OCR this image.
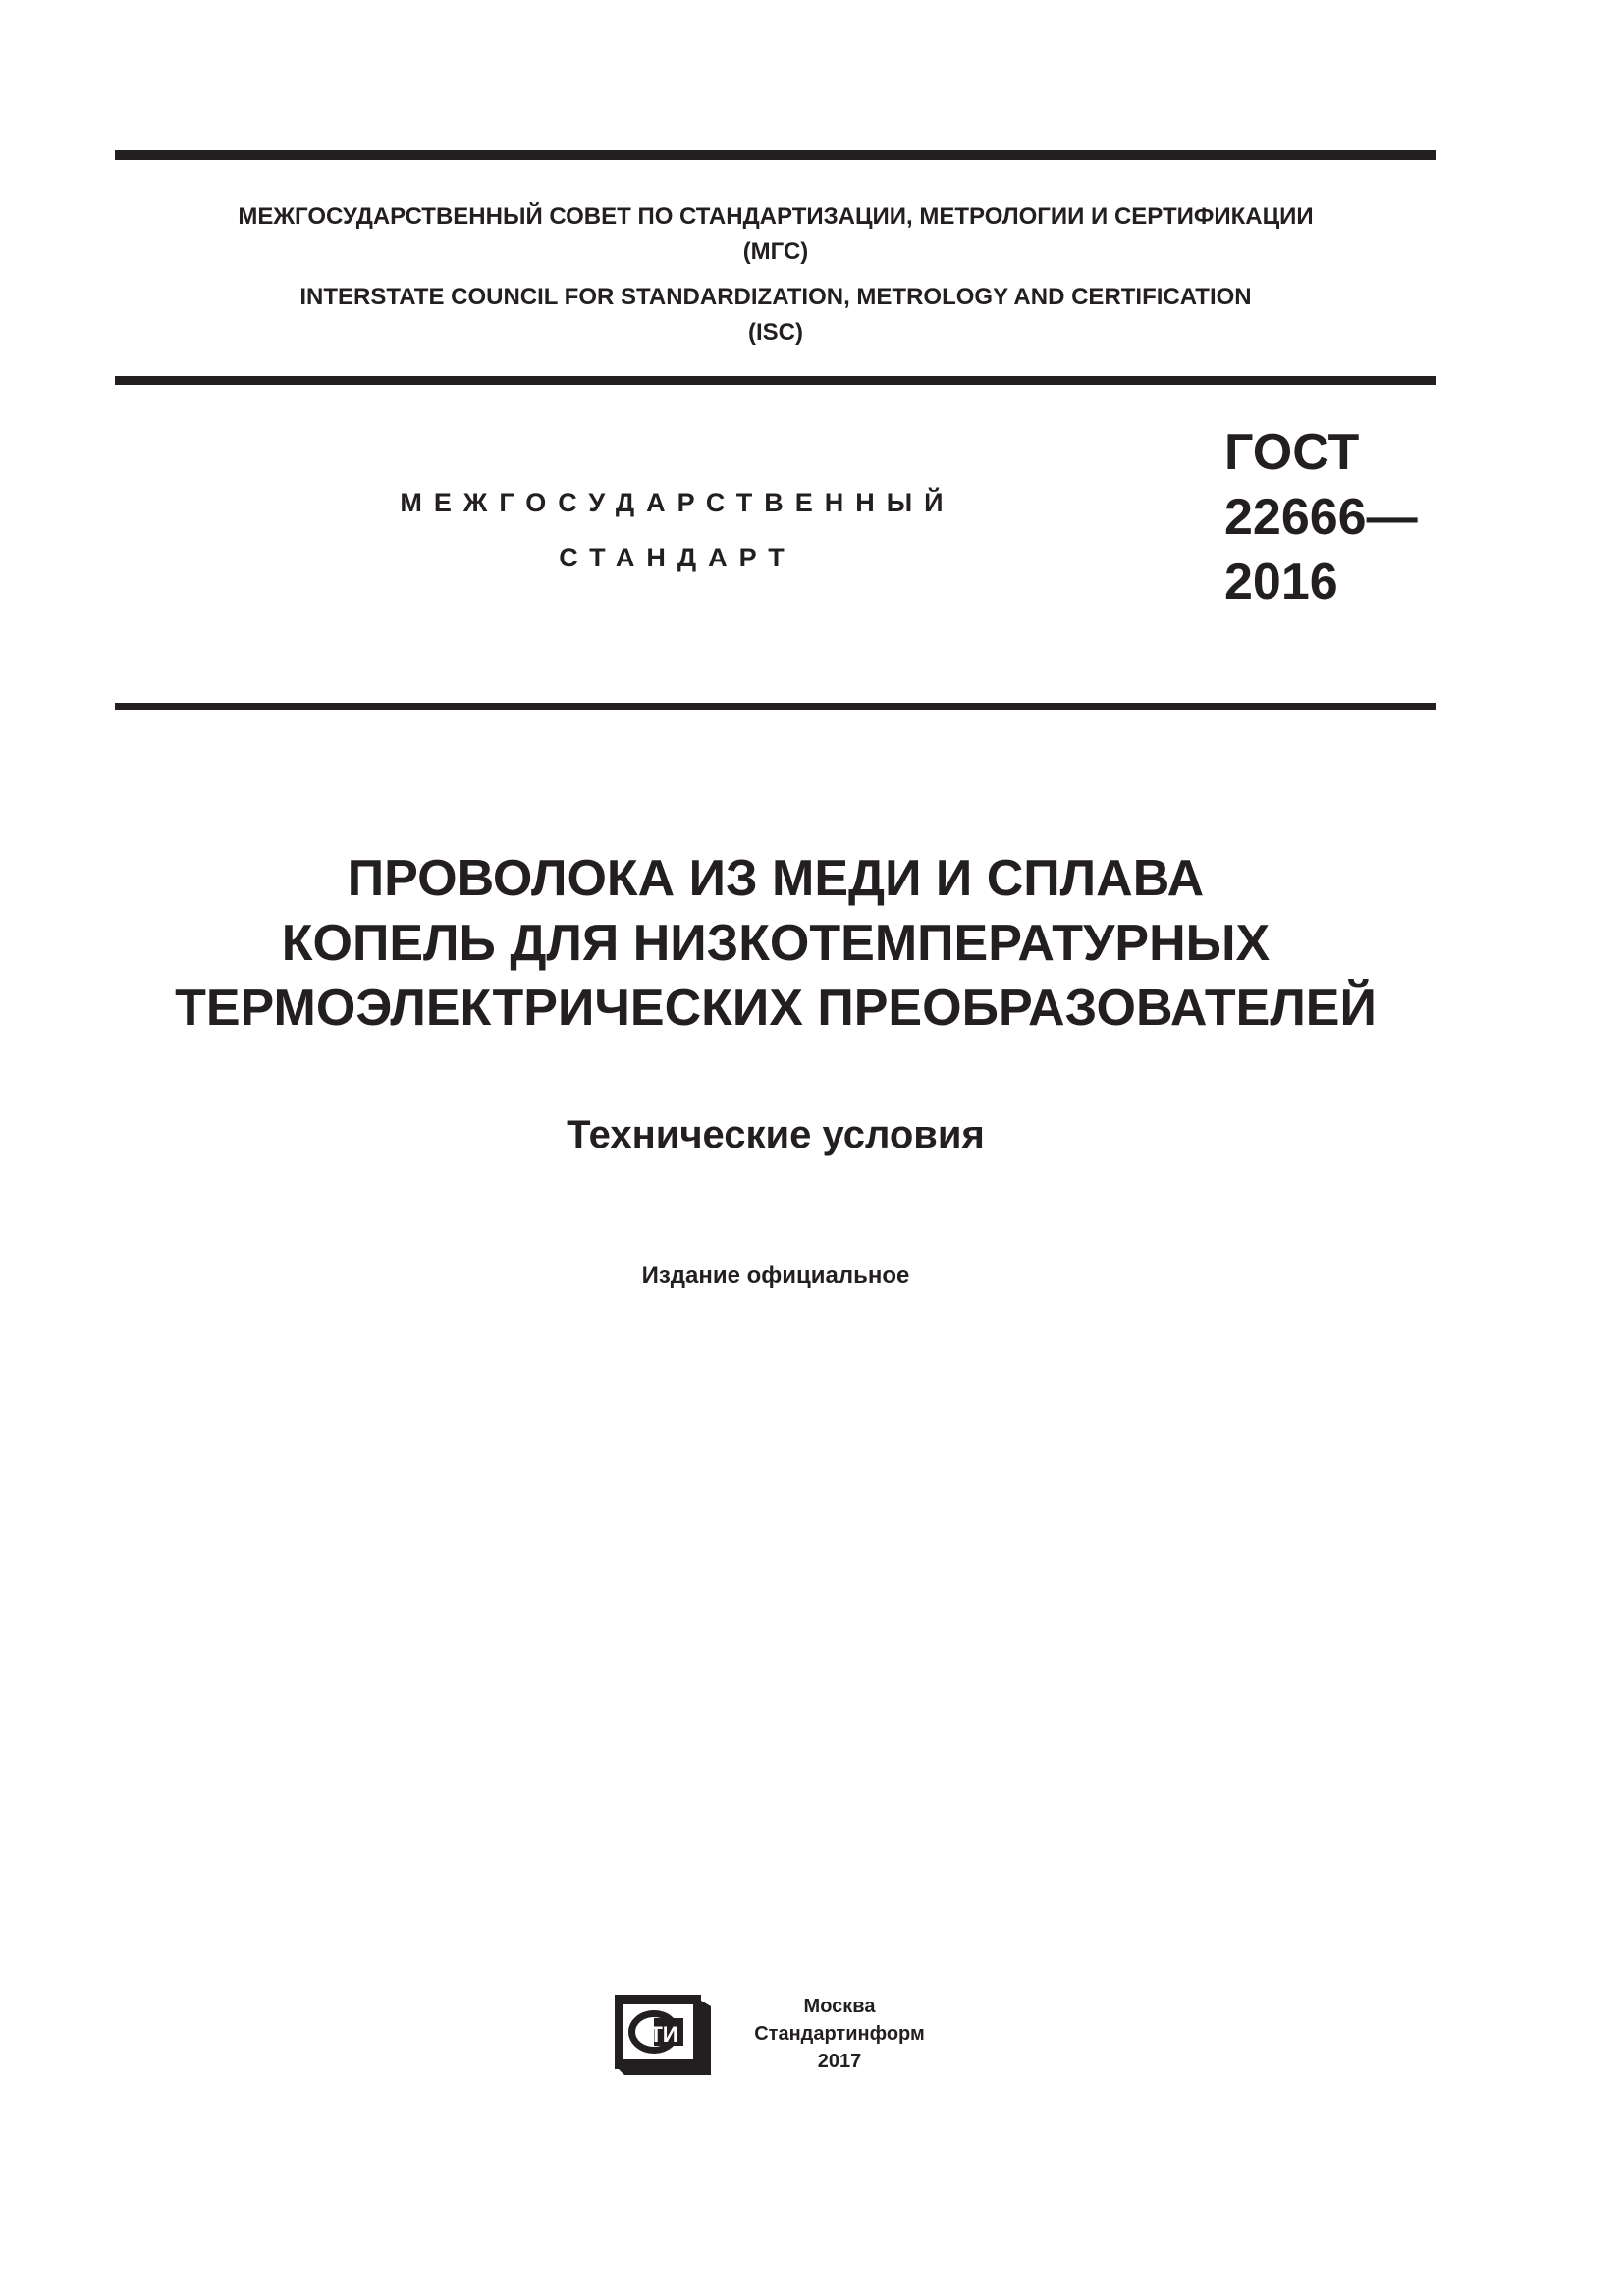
МЕЖГОСУДАРСТВЕННЫЙ СОВЕТ ПО СТАНДАРТИЗАЦИИ, МЕТРОЛОГИИ И СЕРТИФИКАЦИИ
(МГС)
INTERSTATE COUNCIL FOR STANDARDIZATION, METROLOGY AND CERTIFICATION
(ISC)
МЕЖГОСУДАРСТВЕННЫЙ
СТАНДАРТ
ГОСТ
22666—
2016
ПРОВОЛОКА ИЗ МЕДИ И СПЛАВА
КОПЕЛЬ ДЛЯ НИЗКОТЕМПЕРАТУРНЫХ
ТЕРМОЭЛЕКТРИЧЕСКИХ ПРЕОБРАЗОВАТЕЛЕЙ
Технические условия
Издание официальное
ТИ
Москва
Стандартинформ
2017
